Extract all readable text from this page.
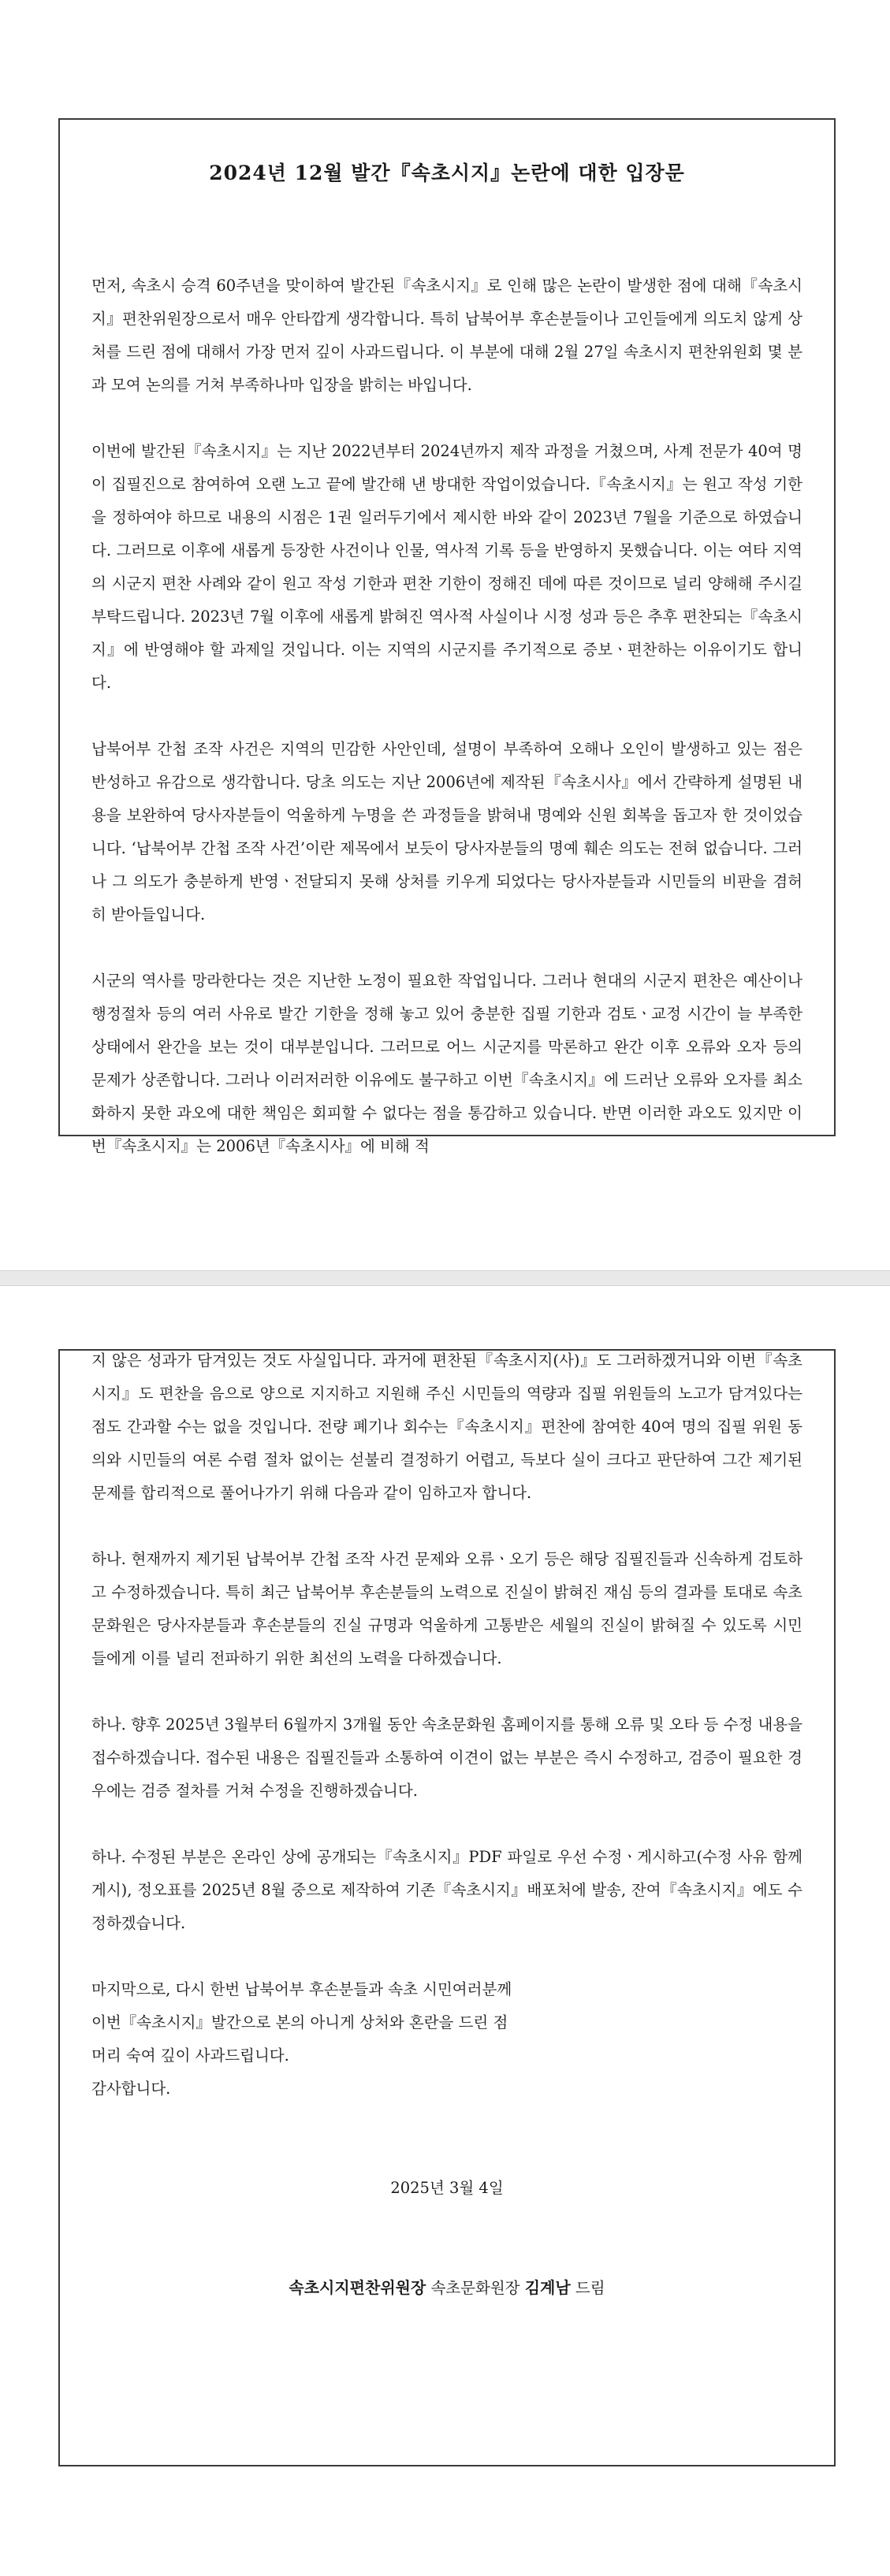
2024년 12월 발간『속초시지』논란에 대한 입장문

먼저, 속초시 승격 60주년을 맞이하여 발간된『속초시지』로 인해 많은 논란이 발생한 점에 대해『속초시지』편찬위원장으로서 매우 안타깝게 생각합니다. 특히 납북어부 후손분들이나 고인들에게 의도치 않게 상처를 드린 점에 대해서 가장 먼저 깊이 사과드립니다. 이 부분에 대해 2월 27일 속초시지 편찬위원회 몇 분과 모여 논의를 거쳐 부족하나마 입장을 밝히는 바입니다.

이번에 발간된『속초시지』는 지난 2022년부터 2024년까지 제작 과정을 거쳤으며, 사계 전문가 40여 명이 집필진으로 참여하여 오랜 노고 끝에 발간해 낸 방대한 작업이었습니다.『속초시지』는 원고 작성 기한을 정하여야 하므로 내용의 시점은 1권 일러두기에서 제시한 바와 같이 2023년 7월을 기준으로 하였습니다. 그러므로 이후에 새롭게 등장한 사건이나 인물, 역사적 기록 등을 반영하지 못했습니다. 이는 여타 지역의 시군지 편찬 사례와 같이 원고 작성 기한과 편찬 기한이 정해진 데에 따른 것이므로 널리 양해해 주시길 부탁드립니다. 2023년 7월 이후에 새롭게 밝혀진 역사적 사실이나 시정 성과 등은 추후 편찬되는『속초시지』에 반영해야 할 과제일 것입니다. 이는 지역의 시군지를 주기적으로 증보ㆍ편찬하는 이유이기도 합니다.

납북어부 간첩 조작 사건은 지역의 민감한 사안인데, 설명이 부족하여 오해나 오인이 발생하고 있는 점은 반성하고 유감으로 생각합니다. 당초 의도는 지난 2006년에 제작된『속초시사』에서 간략하게 설명된 내용을 보완하여 당사자분들이 억울하게 누명을 쓴 과정들을 밝혀내 명예와 신원 회복을 돕고자 한 것이었습니다. ‘납북어부 간첩 조작 사건’이란 제목에서 보듯이 당사자분들의 명예 훼손 의도는 전혀 없습니다. 그러나 그 의도가 충분하게 반영ㆍ전달되지 못해 상처를 키우게 되었다는 당사자분들과 시민들의 비판을 겸허히 받아들입니다.

시군의 역사를 망라한다는 것은 지난한 노정이 필요한 작업입니다. 그러나 현대의 시군지 편찬은 예산이나 행정절차 등의 여러 사유로 발간 기한을 정해 놓고 있어 충분한 집필 기한과 검토ㆍ교정 시간이 늘 부족한 상태에서 완간을 보는 것이 대부분입니다. 그러므로 어느 시군지를 막론하고 완간 이후 오류와 오자 등의 문제가 상존합니다. 그러나 이러저러한 이유에도 불구하고 이번『속초시지』에 드러난 오류와 오자를 최소화하지 못한 과오에 대한 책임은 회피할 수 없다는 점을 통감하고 있습니다. 반면 이러한 과오도 있지만 이번『속초시지』는 2006년『속초시사』에 비해 적

지 않은 성과가 담겨있는 것도 사실입니다. 과거에 편찬된『속초시지(사)』도 그러하겠거니와 이번『속초시지』도 편찬을 음으로 양으로 지지하고 지원해 주신 시민들의 역량과 집필 위원들의 노고가 담겨있다는 점도 간과할 수는 없을 것입니다. 전량 폐기나 회수는『속초시지』편찬에 참여한 40여 명의 집필 위원 동의와 시민들의 여론 수렴 절차 없이는 섣불리 결정하기 어렵고, 득보다 실이 크다고 판단하여 그간 제기된 문제를 합리적으로 풀어나가기 위해 다음과 같이 임하고자 합니다.

하나. 현재까지 제기된 납북어부 간첩 조작 사건 문제와 오류ㆍ오기 등은 해당 집필진들과 신속하게 검토하고 수정하겠습니다. 특히 최근 납북어부 후손분들의 노력으로 진실이 밝혀진 재심 등의 결과를 토대로 속초문화원은 당사자분들과 후손분들의 진실 규명과 억울하게 고통받은 세월의 진실이 밝혀질 수 있도록 시민들에게 이를 널리 전파하기 위한 최선의 노력을 다하겠습니다.

하나. 향후 2025년 3월부터 6월까지 3개월 동안 속초문화원 홈페이지를 통해 오류 및 오타 등 수정 내용을 접수하겠습니다. 접수된 내용은 집필진들과 소통하여 이견이 없는 부분은 즉시 수정하고, 검증이 필요한 경우에는 검증 절차를 거쳐 수정을 진행하겠습니다.

하나. 수정된 부분은 온라인 상에 공개되는『속초시지』PDF 파일로 우선 수정ㆍ게시하고(수정 사유 함께 게시), 정오표를 2025년 8월 중으로 제작하여 기존『속초시지』배포처에 발송, 잔여『속초시지』에도 수정하겠습니다.

마지막으로, 다시 한번 납북어부 후손분들과 속초 시민여러분께

이번『속초시지』발간으로 본의 아니게 상처와 혼란을 드린 점

머리 숙여 깊이 사과드립니다.

감사합니다.

2025년 3월 4일
속초시지편찬위원장 속초문화원장 김계남 드림
